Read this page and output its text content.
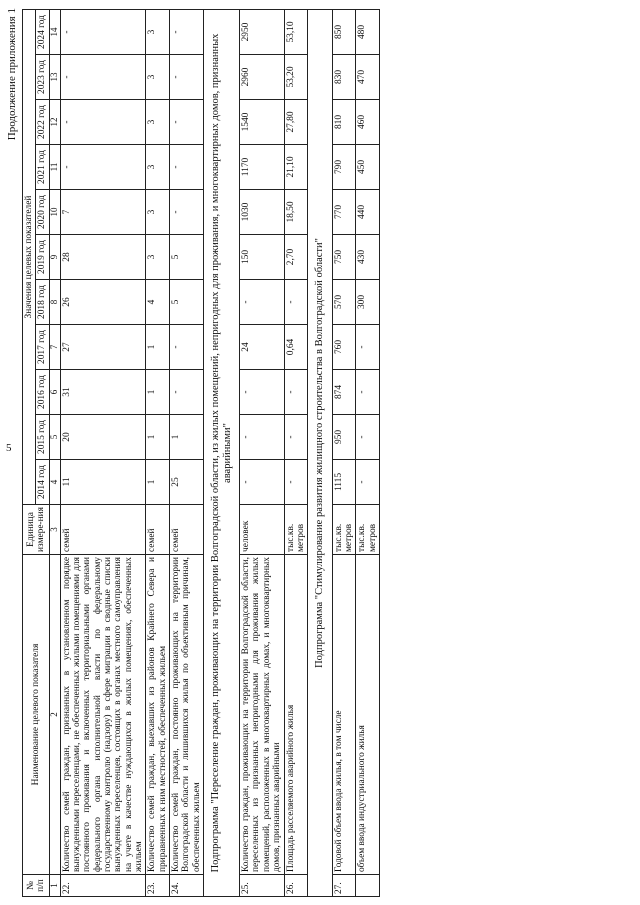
5
Продолжение приложения 1
№ п/п	Наименование целевого показателя	Единица измере-ния	Значения целевых показателей										
			2014 год	2015 год	2016 год	2017 год	2018 год	2019 год	2020 год	2021 год	2022 год	2023 год	2024 год
1	2	3	4	5	6	7	8	9	10	11	12	13	14
22.	Количество семей граждан, признанных в установленном порядке вынужденными переселенцами, не обеспеченных жилыми помещениями для постоянного проживания и включенных территориальными органами федерального органа исполнительной власти по федеральному государственному контролю (надзору) в сфере миграции в сводные списки вынужденных переселенцев, состоящих в органах местного самоуправления на учете в качестве нуждающихся в жилых помещениях, обеспеченных жильем	семей	11	20	31	27	26	28	7	-	-	-	-
23.	Количество семей граждан, выехавших из районов Крайнего Севера и приравненных к ним местностей, обеспеченных жильем	семей	1	1	1	1	4	3	3	3	3	3	3
24.	Количество семей граждан, постоянно проживающих на территории Волгоградской области и лишившихся жилья по объективным причинам, обеспеченных жильем	семей	25	1	-	-	5	5	-	-	-	-	-
Подпрограмма "Переселение граждан, проживающих на территории Волгоградской области, из жилых помещений, непригодных для проживания, и многоквартирных домов, признанных аварийными"													
25.	Количество граждан, проживающих на территории Волгоградской области, переселенных из признанных непригодными для проживания жилых помещений, расположенных в многоквартирных домах, и многоквартирных домов, признанных аварийными	человек	-	-	-	24	-	150	1030	1170	1540	2960	2950
26.	Площадь расселяемого аварийного жилья	тыс.кв. метров	-	-	-	0,64	-	2,70	18,50	21,10	27,80	53,20	53,10
Подпрограмма "Стимулирование развития жилищного строительства в Волгоградской области"													
27.	Годовой объем ввода жилья, в том числе	тыс.кв. метров	1115	950	874	760	570	750	770	790	810	830	850
	объем ввода индустриального жилья	тыс.кв. метров	-	-	-	-	300	430	440	450	460	470	480
